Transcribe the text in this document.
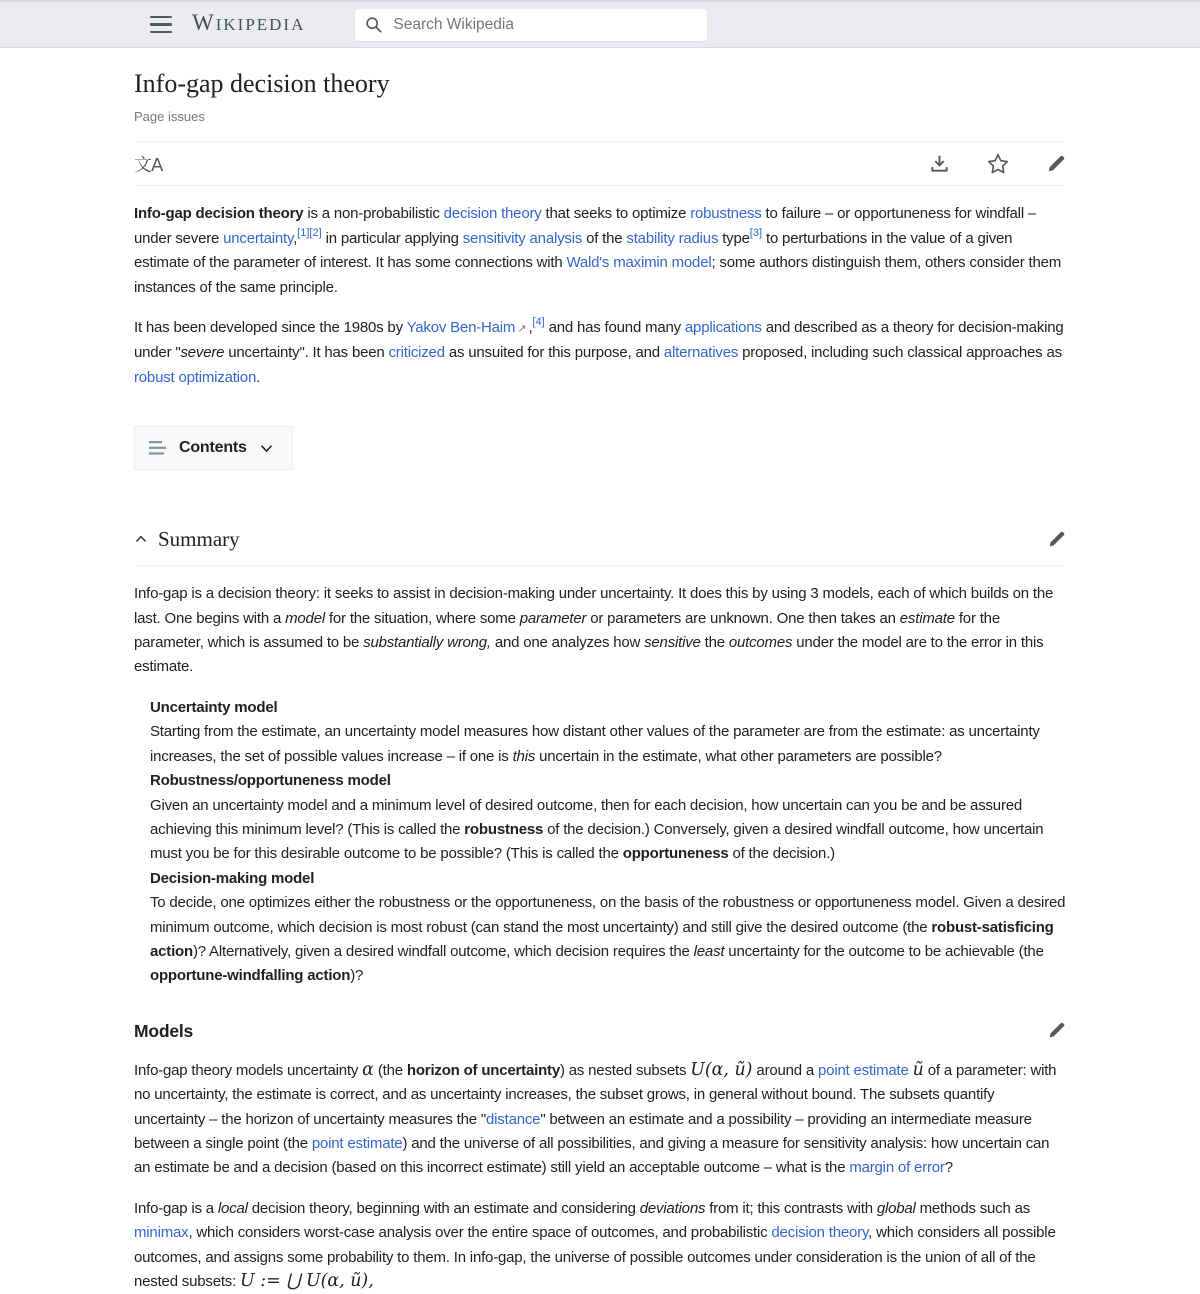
WIKIPEDIA
Search Wikipedia
Info-gap decision theory
Page issues
文A

Info-gap decision theory is a non-probabilistic decision theory that seeks to optimize robustness to failure – or opportuneness for windfall – under severe uncertainty,[1][2] in particular applying sensitivity analysis of the stability radius type[3] to perturbations in the value of a given estimate of the parameter of interest. It has some connections with Wald's maximin model; some authors distinguish them, others consider them instances of the same principle.

It has been developed since the 1980s by Yakov Ben-Haim ↗ ,[4] and has found many applications and described as a theory for decision-making under "severe uncertainty". It has been criticized as unsuited for this purpose, and alternatives proposed, including such classical approaches as robust optimization.

Contents
Summary

Info-gap is a decision theory: it seeks to assist in decision-making under uncertainty. It does this by using 3 models, each of which builds on the last. One begins with a model for the situation, where some parameter or parameters are unknown. One then takes an estimate for the parameter, which is assumed to be substantially wrong, and one analyzes how sensitive the outcomes under the model are to the error in this estimate.

Uncertainty model
Starting from the estimate, an uncertainty model measures how distant other values of the parameter are from the estimate: as uncertainty increases, the set of possible values increase – if one is this uncertain in the estimate, what other parameters are possible?
Robustness/opportuneness model
Given an uncertainty model and a minimum level of desired outcome, then for each decision, how uncertain can you be and be assured achieving this minimum level? (This is called the robustness of the decision.) Conversely, given a desired windfall outcome, how uncertain must you be for this desirable outcome to be possible? (This is called the opportuneness of the decision.)
Decision-making model
To decide, one optimizes either the robustness or the opportuneness, on the basis of the robustness or opportuneness model. Given a desired minimum outcome, which decision is most robust (can stand the most uncertainty) and still give the desired outcome (the robust-satisficing action)? Alternatively, given a desired windfall outcome, which decision requires the least uncertainty for the outcome to be achievable (the opportune-windfalling action)?
Models

Info-gap theory models uncertainty α (the horizon of uncertainty) as nested subsets U(α, ũ) around a point estimate ũ of a parameter: with no uncertainty, the estimate is correct, and as uncertainty increases, the subset grows, in general without bound. The subsets quantify uncertainty – the horizon of uncertainty measures the "distance" between an estimate and a possibility – providing an intermediate measure between a single point (the point estimate) and the universe of all possibilities, and giving a measure for sensitivity analysis: how uncertain can an estimate be and a decision (based on this incorrect estimate) still yield an acceptable outcome – what is the margin of error?

Info-gap is a local decision theory, beginning with an estimate and considering deviations from it; this contrasts with global methods such as minimax, which considers worst-case analysis over the entire space of outcomes, and probabilistic decision theory, which considers all possible outcomes, and assigns some probability to them. In info-gap, the universe of possible outcomes under consideration is the union of all of the nested subsets: U := ⋃ U(α, ũ),
